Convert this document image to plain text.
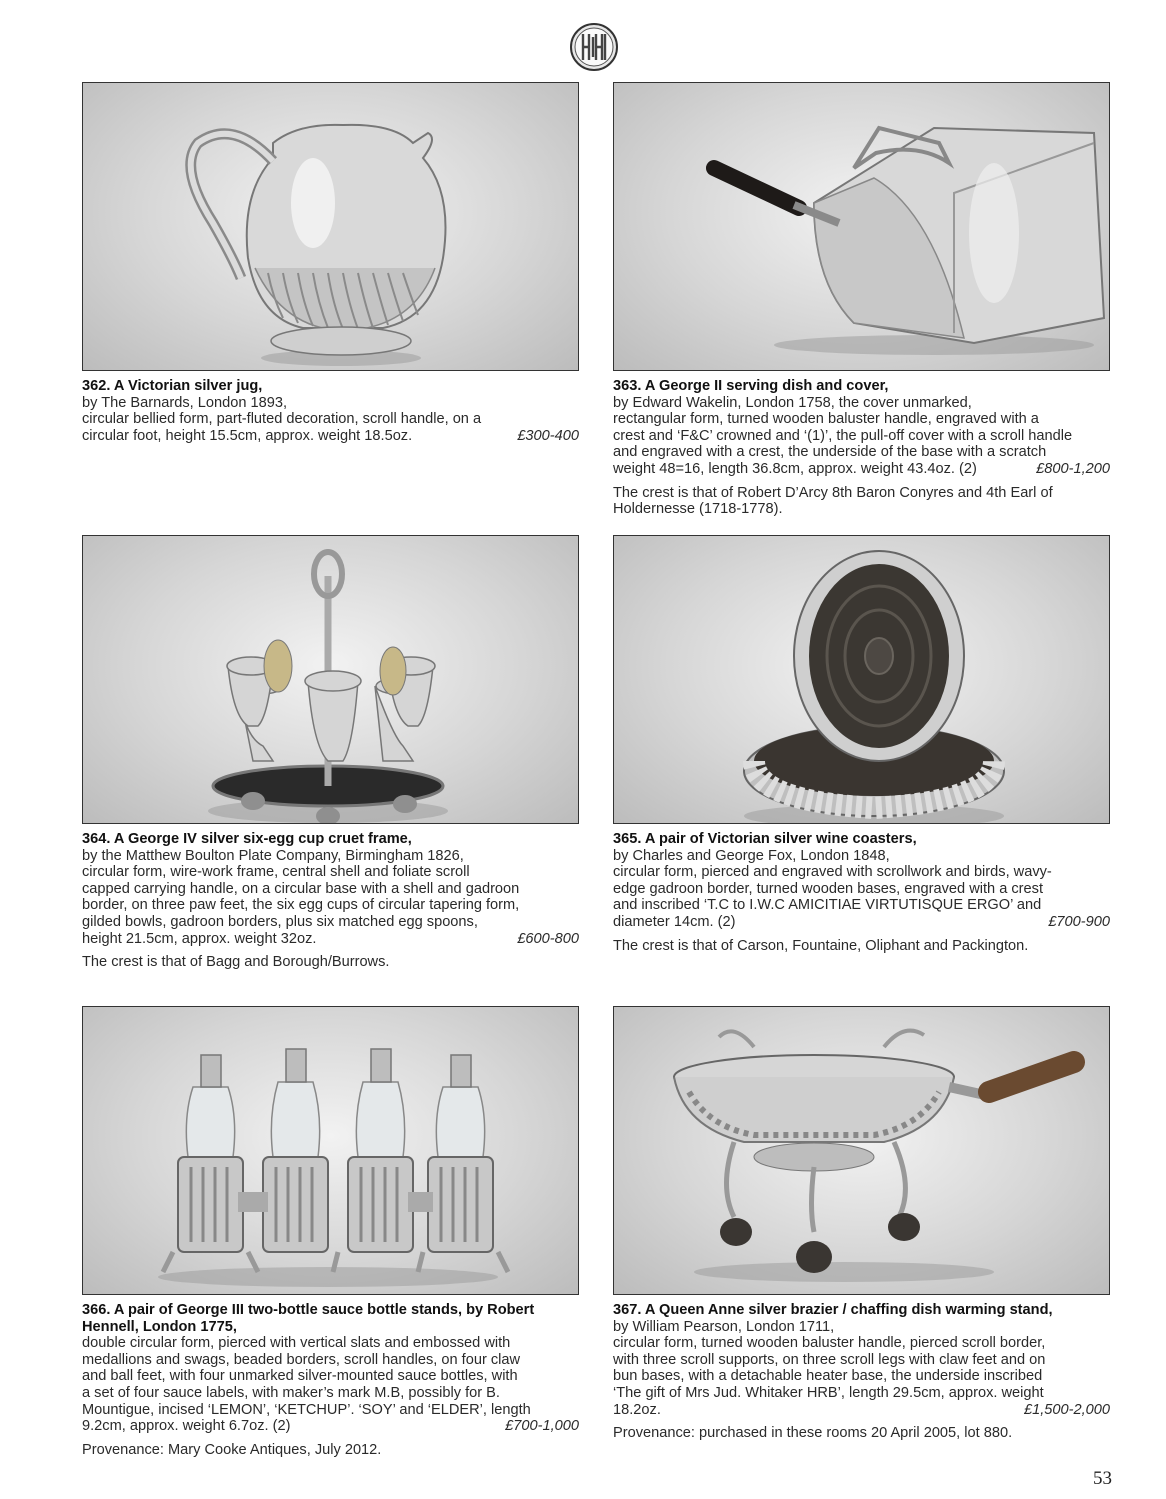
362. A Victorian silver jug,
by The Barnards, London 1893,
circular bellied form, part-fluted decoration, scroll handle, on a
circular foot, height 15.5cm, approx. weight 18.5oz.	£300-400
363. A George II serving dish and cover,
by Edward Wakelin, London 1758, the cover unmarked,
rectangular form, turned wooden baluster handle, engraved with a
crest and ‘F&C’ crowned and ‘(1)’, the pull-off cover with a scroll handle
and engraved with a crest, the underside of the base with a scratch
weight 48=16, length 36.8cm, approx. weight 43.4oz. (2)	£800-1,200
The crest is that of Robert D’Arcy 8th Baron Conyres and 4th Earl of Holdernesse (1718-1778).
364. A George IV silver six-egg cup cruet frame,
by the Matthew Boulton Plate Company, Birmingham 1826,
circular form, wire-work frame, central shell and foliate scroll
capped carrying handle, on a circular base with a shell and gadroon
border, on three paw feet, the six egg cups of circular tapering form,
gilded bowls, gadroon borders, plus six matched egg spoons,
height 21.5cm, approx. weight 32oz.	£600-800
The crest is that of Bagg and Borough/Burrows.
365. A pair of Victorian silver wine coasters,
by Charles and George Fox, London 1848,
circular form, pierced and engraved with scrollwork and birds, wavy-
edge gadroon border, turned wooden bases, engraved with a crest
and inscribed ‘T.C to I.W.C AMICITIAE VIRTUTISQUE ERGO’ and
diameter 14cm. (2)	£700-900
The crest is that of Carson, Fountaine, Oliphant and Packington.
366. A pair of George III two-bottle sauce bottle stands, by Robert Hennell, London 1775,
double circular form, pierced with vertical slats and embossed with
medallions and swags, beaded borders, scroll handles, on four claw
and ball feet, with four unmarked silver-mounted sauce bottles, with
a set of four sauce labels, with maker’s mark M.B, possibly for B.
Mountigue, incised ‘LEMON’, ‘KETCHUP’. ‘SOY’ and ‘ELDER’, length
9.2cm, approx. weight 6.7oz. (2)	£700-1,000
Provenance: Mary Cooke Antiques, July 2012.
367. A Queen Anne silver brazier / chaffing dish warming stand,
by William Pearson, London 1711,
circular form, turned wooden baluster handle, pierced scroll border,
with three scroll supports, on three scroll legs with claw feet and on
bun bases, with a detachable heater base, the underside inscribed
‘The gift of Mrs Jud. Whitaker HRB’, length 29.5cm, approx. weight
18.2oz.	£1,500-2,000
Provenance: purchased in these rooms 20 April 2005, lot 880.
53
